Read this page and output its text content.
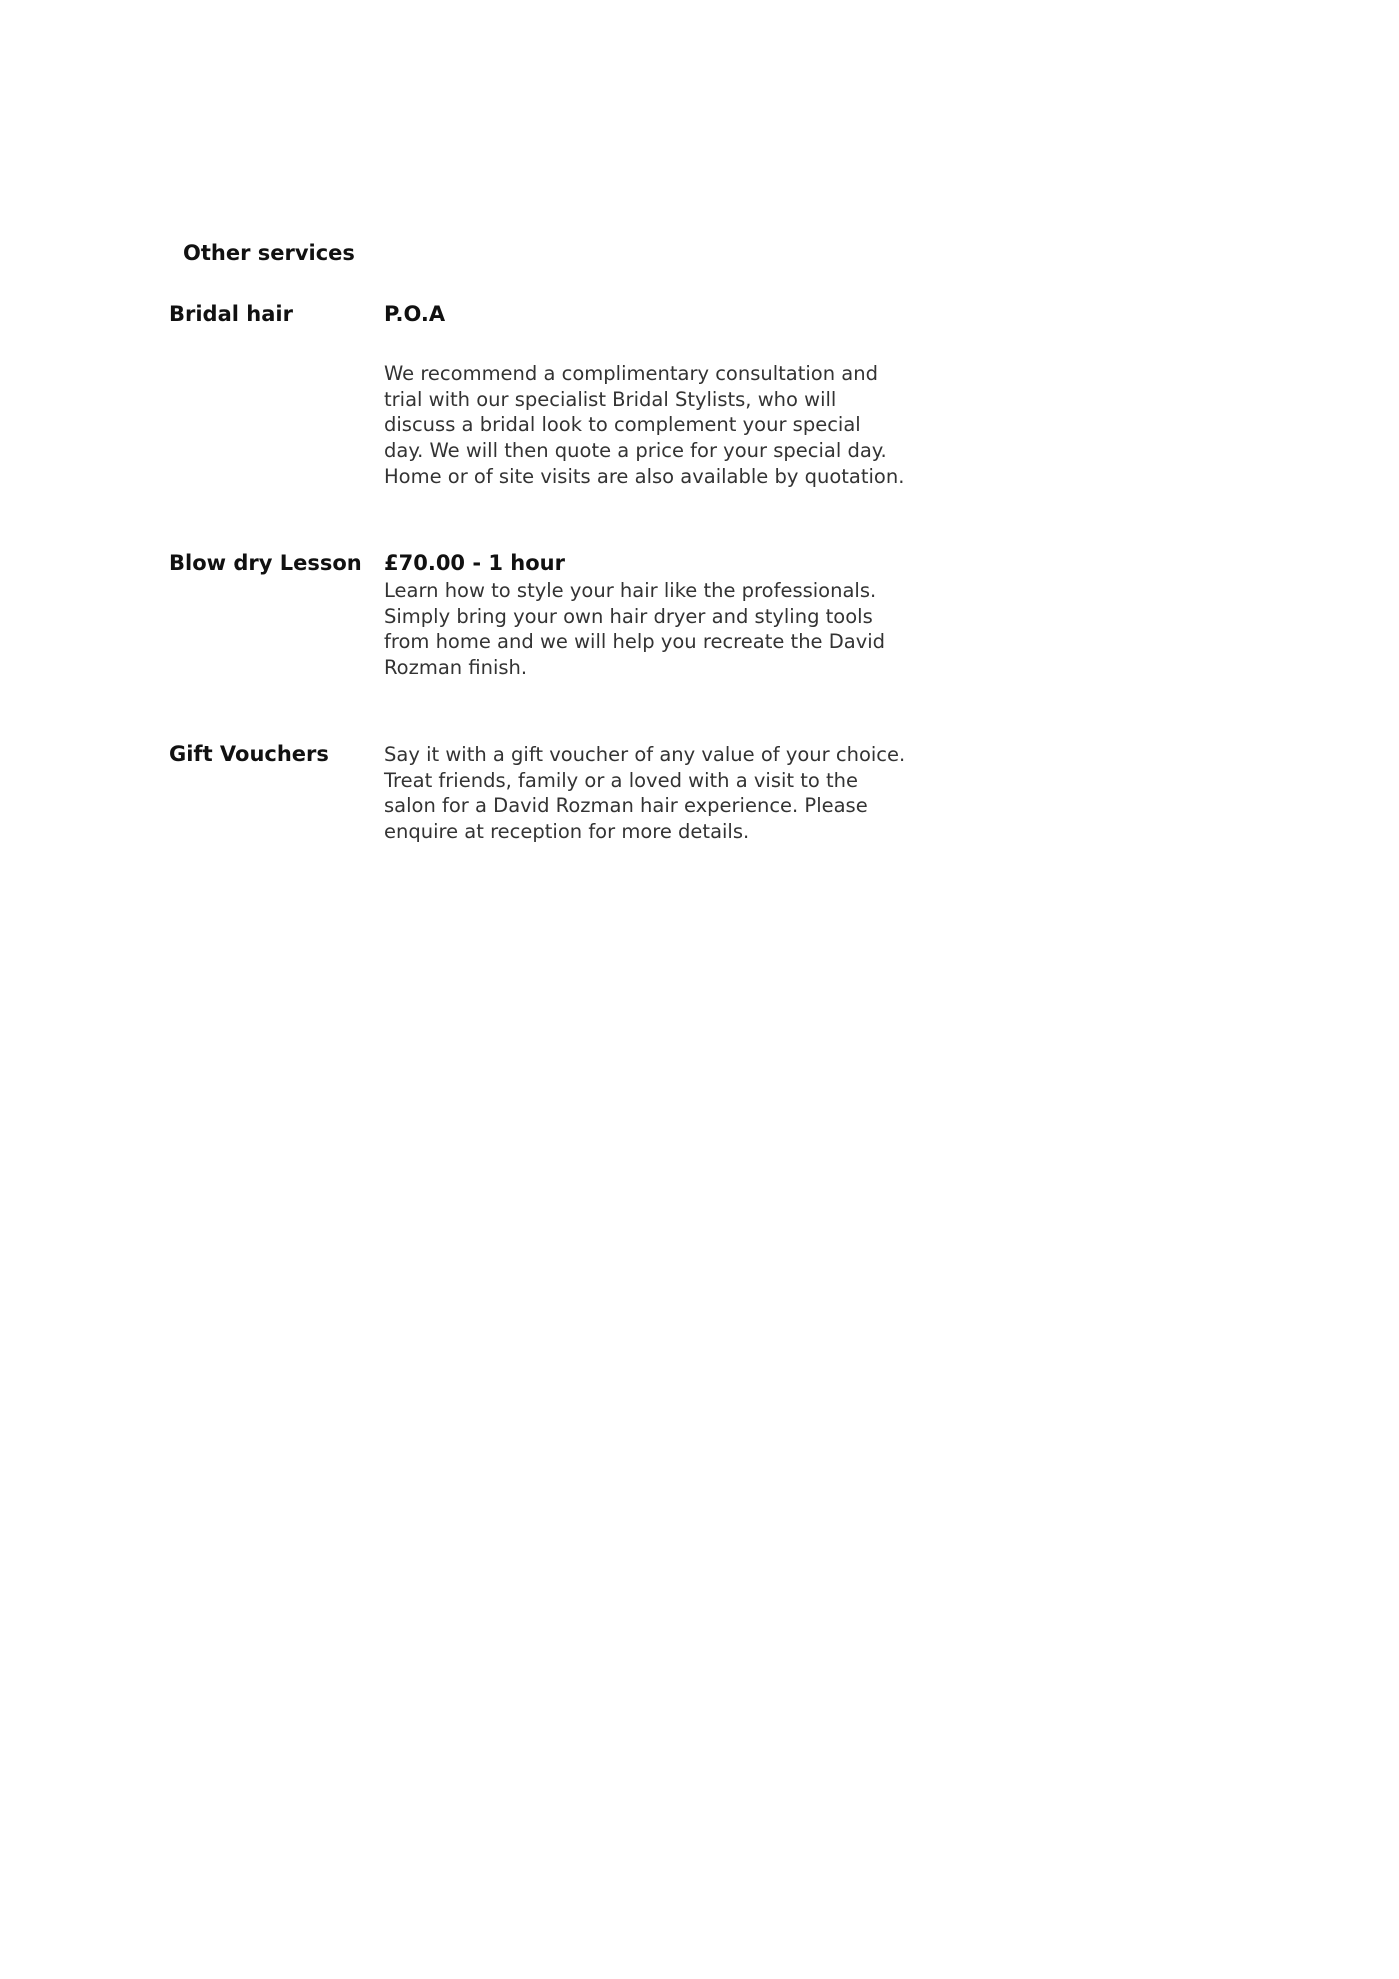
Other services
Bridal hair	P.O.A

We recommend a complimentary consultation and
trial with our specialist Bridal Stylists, who will
discuss a bridal look to complement your special
day. We will then quote a price for your special day.
Home or of site visits are also available by quotation.

Blow dry Lesson £70.00 - 1 hour

Learn how to style your hair like the professionals.
Simply bring your own hair dryer and styling tools
from home and we will help you recreate the David
Rozman finish.

Gift Vouchers	Say it with a gift voucher of any value of your choice.
Treat friends, family or a loved with a visit to the
salon for a David Rozman hair experience. Please
enquire at reception for more details.
